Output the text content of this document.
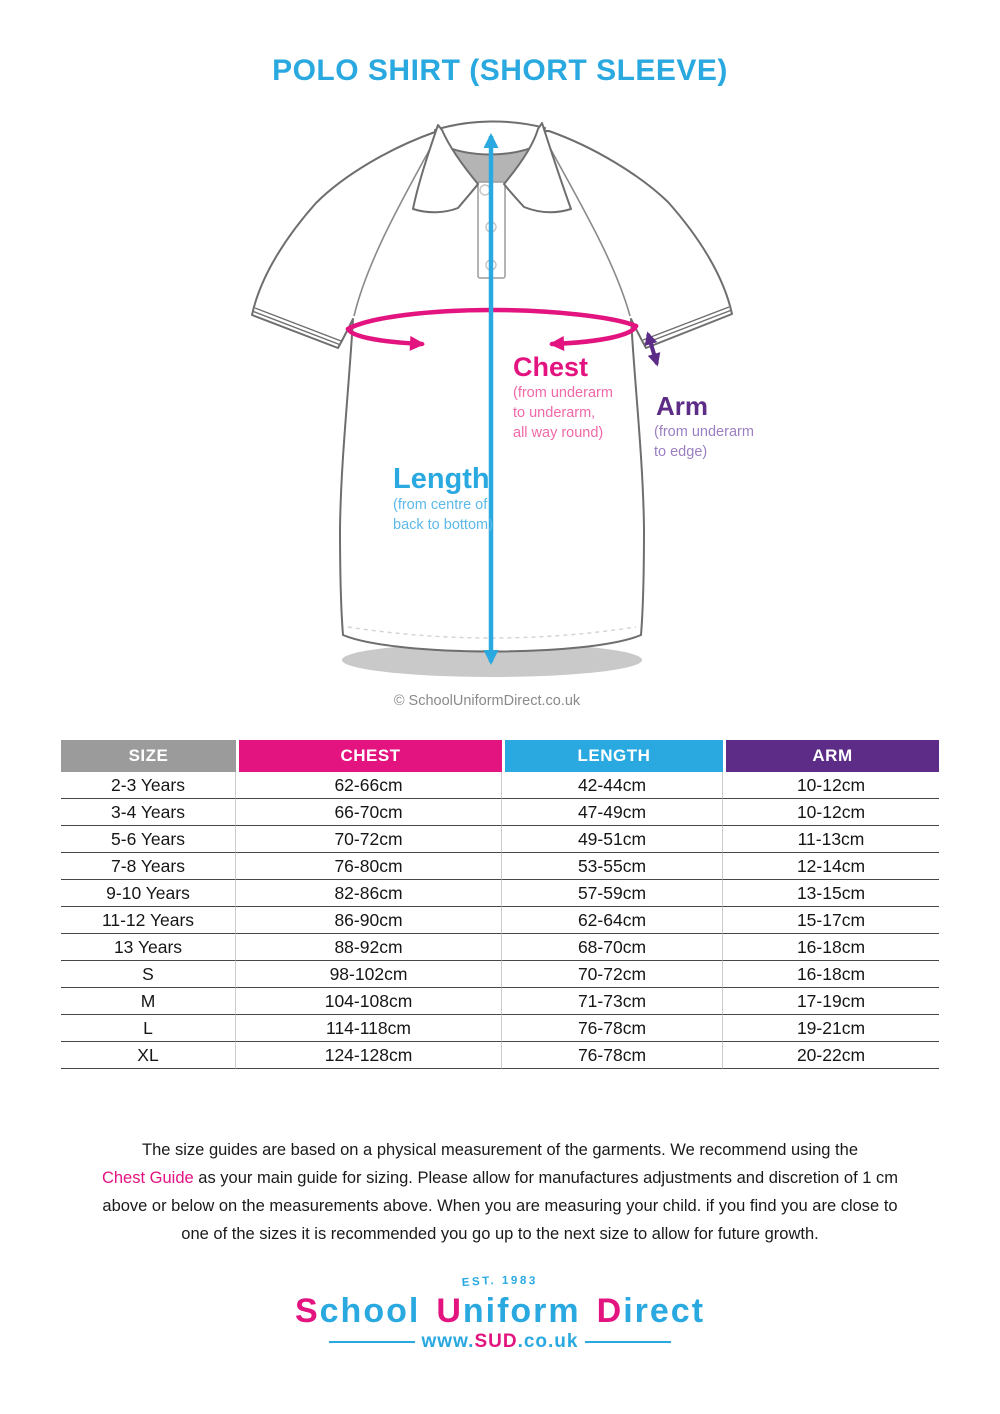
POLO SHIRT (SHORT SLEEVE)
Chest
(from underarm
to underarm,
all way round)
Arm
(from underarm
to edge)
Length
(from centre of
back to bottom)
© SchoolUniformDirect.co.uk
SIZE	CHEST	LENGTH	ARM
2-3 Years	62-66cm	42-44cm	10-12cm
3-4 Years	66-70cm	47-49cm	10-12cm
5-6 Years	70-72cm	49-51cm	11-13cm
7-8 Years	76-80cm	53-55cm	12-14cm
9-10 Years	82-86cm	57-59cm	13-15cm
11-12 Years	86-90cm	62-64cm	15-17cm
13 Years	88-92cm	68-70cm	16-18cm
S	98-102cm	70-72cm	16-18cm
M	104-108cm	71-73cm	17-19cm
L	114-118cm	76-78cm	19-21cm
XL	124-128cm	76-78cm	20-22cm
The size guides are based on a physical measurement of the garments. We recommend using the
Chest Guide as your main guide for sizing. Please allow for manufactures adjustments and discretion of 1 cm
above or below on the measurements above. When you are measuring your child. if you find you are close to
one of the sizes it is recommended you go up to the next size to allow for future growth.
EST. 1983
School Uniform Direct
www. SUD .co.uk
